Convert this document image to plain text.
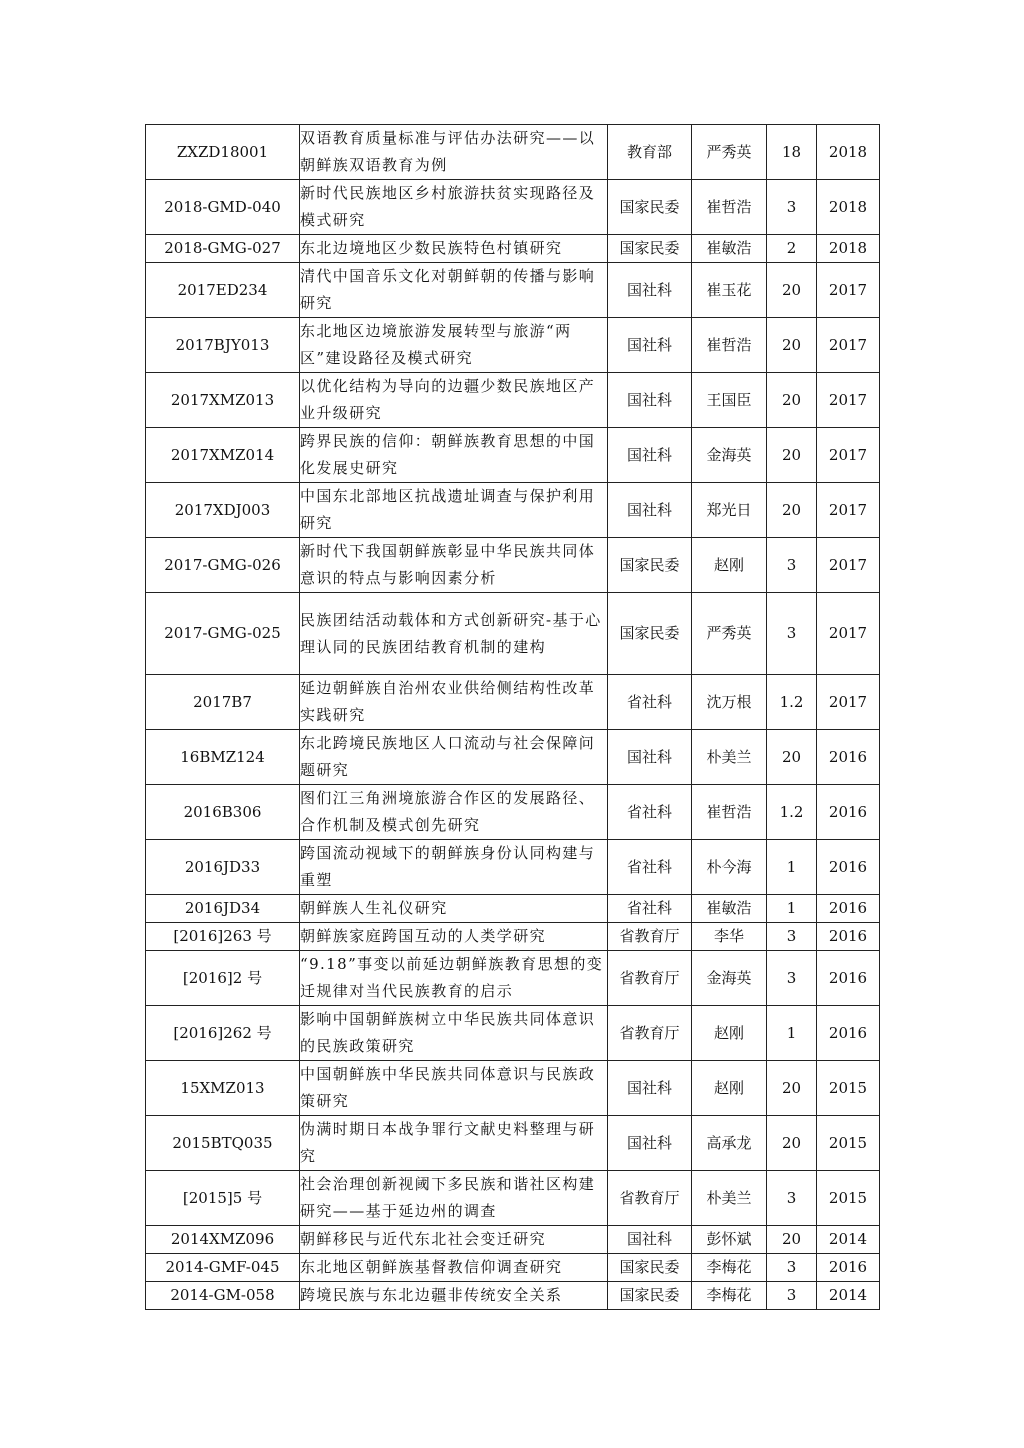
ZXZD18001	双语教育质量标准与评估办法研究——以朝鲜族双语教育为例	教育部	严秀英	18	2018
2018-GMD-040	新时代民族地区乡村旅游扶贫实现路径及模式研究	国家民委	崔哲浩	3	2018
2018-GMG-027	东北边境地区少数民族特色村镇研究	国家民委	崔敏浩	2	2018
2017ED234	清代中国音乐文化对朝鲜朝的传播与影响研究	国社科	崔玉花	20	2017
2017BJY013	东北地区边境旅游发展转型与旅游“两区”建设路径及模式研究	国社科	崔哲浩	20	2017
2017XMZ013	以优化结构为导向的边疆少数民族地区产业升级研究	国社科	王国臣	20	2017
2017XMZ014	跨界民族的信仰：朝鲜族教育思想的中国化发展史研究	国社科	金海英	20	2017
2017XDJ003	中国东北部地区抗战遗址调查与保护利用研究	国社科	郑光日	20	2017
2017-GMG-026	新时代下我国朝鲜族彰显中华民族共同体意识的特点与影响因素分析	国家民委	赵刚	3	2017
2017-GMG-025	民族团结活动载体和方式创新研究-基于心理认同的民族团结教育机制的建构	国家民委	严秀英	3	2017
2017B7	延边朝鲜族自治州农业供给侧结构性改革实践研究	省社科	沈万根	1.2	2017
16BMZ124	东北跨境民族地区人口流动与社会保障问题研究	国社科	朴美兰	20	2016
2016B306	图们江三角洲境旅游合作区的发展路径、合作机制及模式创先研究	省社科	崔哲浩	1.2	2016
2016JD33	跨国流动视域下的朝鲜族身份认同构建与重塑	省社科	朴今海	1	2016
2016JD34	朝鲜族人生礼仪研究	省社科	崔敏浩	1	2016
[2016]263 号	朝鲜族家庭跨国互动的人类学研究	省教育厅	李华	3	2016
[2016]2 号	“9.18”事变以前延边朝鲜族教育思想的变迁规律对当代民族教育的启示	省教育厅	金海英	3	2016
[2016]262 号	影响中国朝鲜族树立中华民族共同体意识的民族政策研究	省教育厅	赵刚	1	2016
15XMZ013	中国朝鲜族中华民族共同体意识与民族政策研究	国社科	赵刚	20	2015
2015BTQ035	伪满时期日本战争罪行文献史料整理与研究	国社科	高承龙	20	2015
[2015]5 号	社会治理创新视阈下多民族和谐社区构建研究——基于延边州的调查	省教育厅	朴美兰	3	2015
2014XMZ096	朝鲜移民与近代东北社会变迁研究	国社科	彭怀斌	20	2014
2014-GMF-045	东北地区朝鲜族基督教信仰调查研究	国家民委	李梅花	3	2016
2014-GM-058	跨境民族与东北边疆非传统安全关系	国家民委	李梅花	3	2014
